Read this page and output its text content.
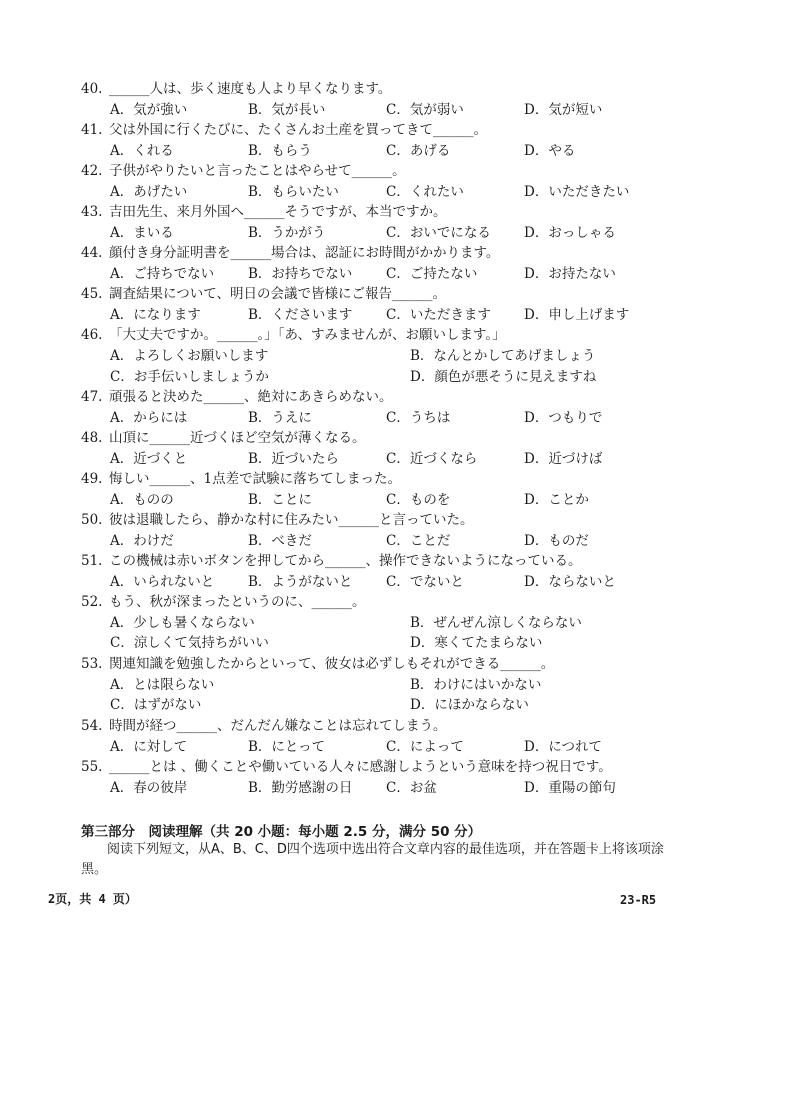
40. ______人は、歩く速度も人より早くなります。
A．気が強い	B．気が長い	C．気が弱い	D．気が短い
41. 父は外国に行くたびに、たくさんお土産を買ってきて______。
A．くれる	B．もらう	C．あげる	D．やる
42. 子供がやりたいと言ったことはやらせて______。
A．あげたい	B．もらいたい	C．くれたい	D．いただきたい
43. 吉田先生、来月外国へ______そうですが、本当ですか。
A．まいる	B．うかがう	C．おいでになる D．おっしゃる
44. 顔付き身分証明書を______場合は、認証にお時間がかかります。
A．ご持ちでない	B．お持ちでない C．ご持たない	D．お持たない
45. 調査結果について、明日の会議で皆様にご報告______。
A．になります	B．くださいます C．いただきます D．申し上げます
46. 「大丈夫ですか。______。」「あ、すみませんが、お願いします。」
A．よろしくお願いします	B．なんとかしてあげましょう
C．お手伝いしましょうか	D．顔色が悪そうに見えますね
47. 頑張ると決めた______、絶対にあきらめない。
A．からには	B．うえに	C．うちは	D．つもりで
48. 山頂に______近づくほど空気が薄くなる。
A．近づくと	B．近づいたら	C．近づくなら	D．近づけば
49. 悔しい______、1点差で試験に落ちてしまった。
A．ものの	B．ことに	C．ものを	D．ことか
50. 彼は退職したら、静かな村に住みたい______と言っていた。
A．わけだ	B．べきだ	C．ことだ	D．ものだ
51. この機械は赤いボタンを押してから______、操作できないようになっている。
A．いられないと	B．ようがないと C．でないと	D．ならないと
52. もう、秋が深まったというのに、______。
A．少しも暑くならない	B．ぜんぜん涼しくならない
C．涼しくて気持ちがいい	D．寒くてたまらない
53. 関連知識を勉強したからといって、彼女は必ずしもそれができる______。
A．とは限らない	B．わけにはいかない
C．はずがない	D．にほかならない
54. 時間が経つ______、だんだん嫌なことは忘れてしまう。
A．に対して	B．にとって	C．によって	D．につれて
55. ______とは 、働くことや働いている人々に感謝しようという意味を持つ祝日です。
A．春の彼岸	B．勤労感謝の日 C．お盆	D．重陽の節句
第三部分　阅读理解（共 20 小题：每小题 2.5 分，满分 50 分）
阅读下列短文，从A、B、C、D四个选项中选出符合文章内容的最佳选项，并在答题卡上将该项涂黑。
2页，共 4 页）	23-R5
